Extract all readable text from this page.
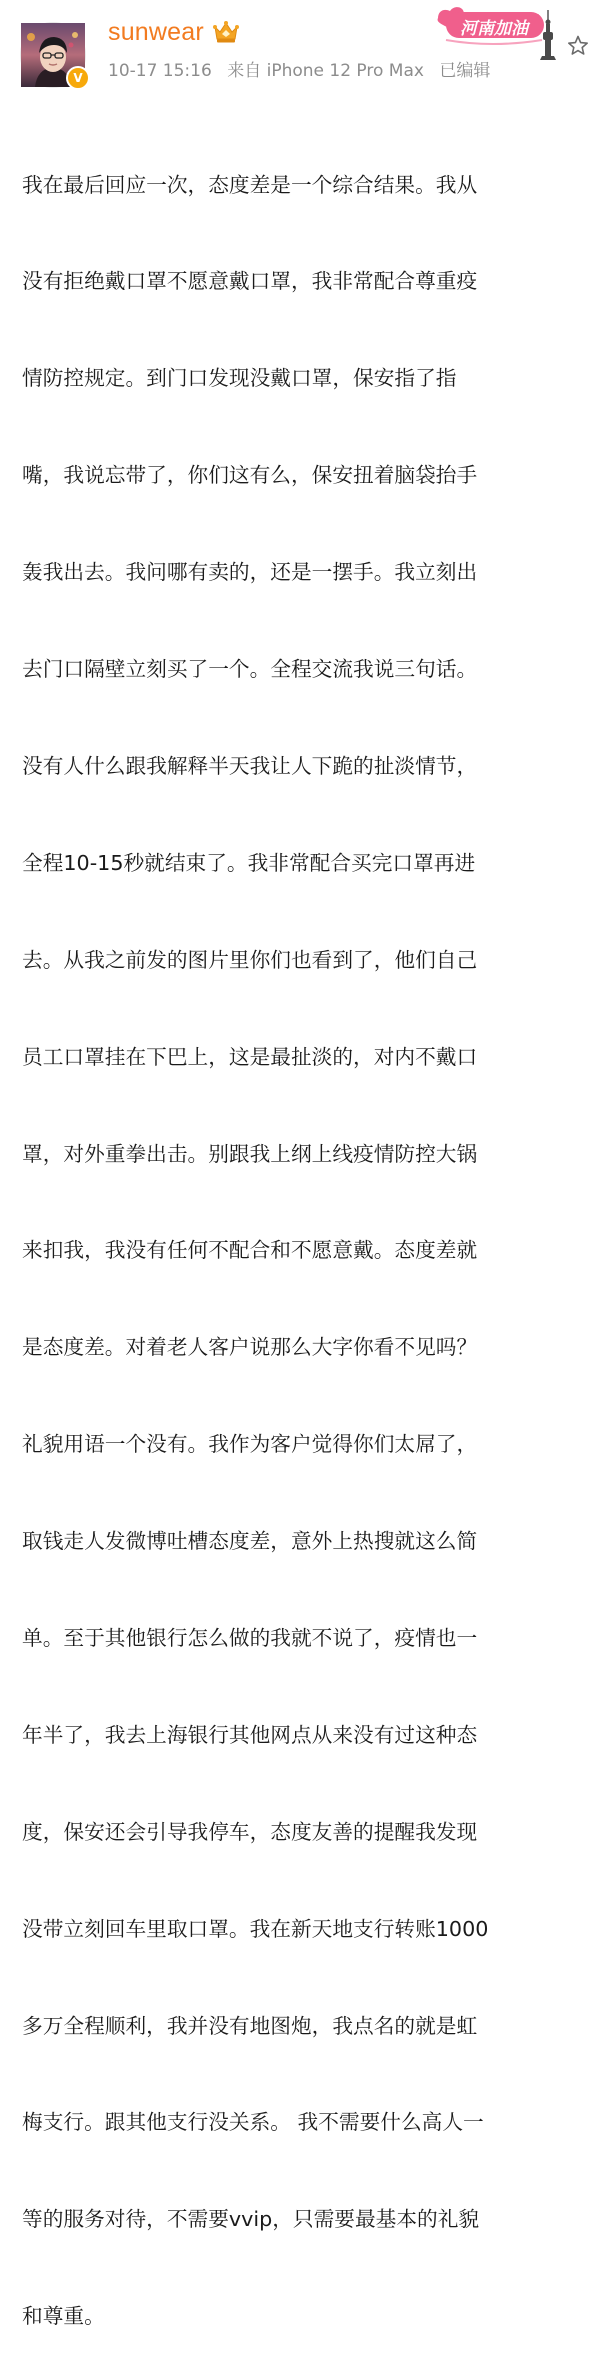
V
sunwear
10-17 15:16 来自 iPhone 12 Pro Max 已编辑
河南加油

我在最后回应一次，态度差是一个综合结果。我从

没有拒绝戴口罩不愿意戴口罩，我非常配合尊重疫

情防控规定。到门口发现没戴口罩，保安指了指

嘴，我说忘带了，你们这有么，保安扭着脑袋抬手

轰我出去。我问哪有卖的，还是一摆手。我立刻出

去门口隔壁立刻买了一个。全程交流我说三句话。

没有人什么跟我解释半天我让人下跪的扯淡情节，

全程10-15秒就结束了。我非常配合买完口罩再进

去。从我之前发的图片里你们也看到了，他们自己

员工口罩挂在下巴上，这是最扯淡的，对内不戴口

罩，对外重拳出击。别跟我上纲上线疫情防控大锅

来扣我，我没有任何不配合和不愿意戴。态度差就

是态度差。对着老人客户说那么大字你看不见吗？

礼貌用语一个没有。我作为客户觉得你们太屌了，

取钱走人发微博吐槽态度差，意外上热搜就这么简

单。至于其他银行怎么做的我就不说了，疫情也一

年半了，我去上海银行其他网点从来没有过这种态

度，保安还会引导我停车，态度友善的提醒我发现

没带立刻回车里取口罩。我在新天地支行转账1000

多万全程顺利，我并没有地图炮，我点名的就是虹

梅支行。跟其他支行没关系。 我不需要什么高人一

等的服务对待，不需要vvip，只需要最基本的礼貌

和尊重。
